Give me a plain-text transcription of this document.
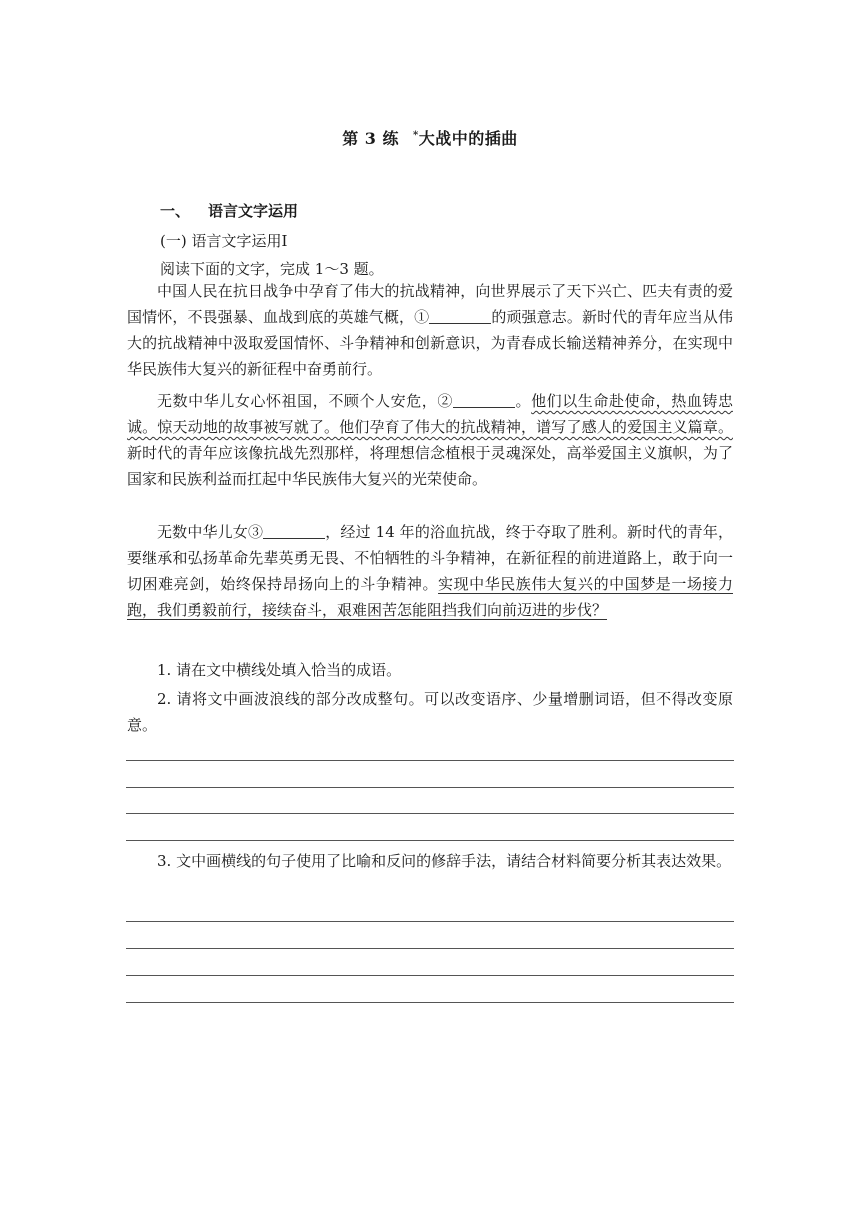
第 3 练 *大战中的插曲
一、 语言文字运用
(一) 语言文字运用Ⅰ
阅读下面的文字，完成 1～3 题。

中国人民在抗日战争中孕育了伟大的抗战精神，向世界展示了天下兴亡、匹夫有责的爱国情怀，不畏强暴、血战到底的英雄气概，①	的顽强意志。新时代的青年应当从伟大的抗战精神中汲取爱国情怀、斗争精神和创新意识，为青春成长输送精神养分，在实现中华民族伟大复兴的新征程中奋勇前行。

无数中华儿女心怀祖国，不顾个人安危，②	。他们以生命赴使命，热血铸忠诚。惊天动地的故事被写就了。他们孕育了伟大的抗战精神，谱写了感人的爱国主义篇章。新时代的青年应该像抗战先烈那样，将理想信念植根于灵魂深处，高举爱国主义旗帜，为了国家和民族利益而扛起中华民族伟大复兴的光荣使命。

无数中华儿女③	，经过 14 年的浴血抗战，终于夺取了胜利。新时代的青年，要继承和弘扬革命先辈英勇无畏、不怕牺牲的斗争精神，在新征程的前进道路上，敢于向一切困难亮剑，始终保持昂扬向上的斗争精神。实现中华民族伟大复兴的中国梦是一场接力跑，我们勇毅前行，接续奋斗，艰难困苦怎能阻挡我们向前迈进的步伐？

1. 请在文中横线处填入恰当的成语。

2. 请将文中画波浪线的部分改成整句。可以改变语序、少量增删词语，但不得改变原意。

3. 文中画横线的句子使用了比喻和反问的修辞手法，请结合材料简要分析其表达效果。
